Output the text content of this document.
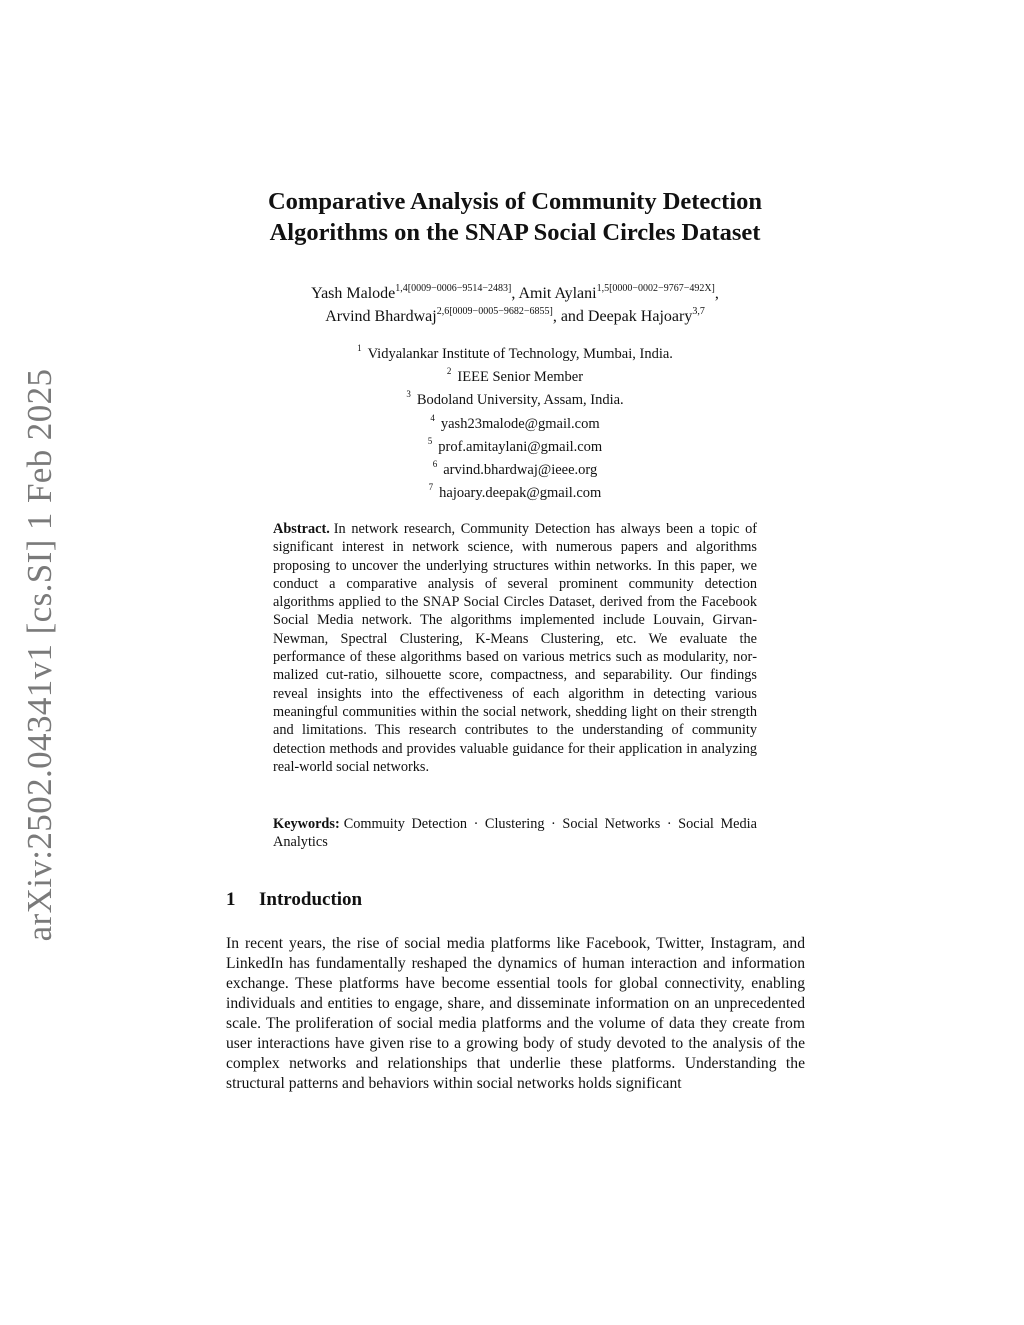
arXiv:2502.04341v1 [cs.SI] 1 Feb 2025
Comparative Analysis of Community Detection
Algorithms on the SNAP Social Circles Dataset
Yash Malode$^{1,4[0009-0006-9514-2483]}$, Amit Aylani$^{1,5[0000-0002-9767-492X]}$,
Arvind Bhardwaj$^{2,6[0009-0005-9682-6855]}$, and Deepak Hajoary$^{3,7}$
$^1$ Vidyalankar Institute of Technology, Mumbai, India.
$^2$ IEEE Senior Member
$^3$ Bodoland University, Assam, India.
$^4$ yash23malode@gmail.com
$^5$ prof.amitaylani@gmail.com
$^6$ arvind.bhardwaj@ieee.org
$^7$ hajoary.deepak@gmail.com
Abstract. In network research, Community Detection has always been a topic of significant interest in network science, with numerous papers and algorithms proposing to uncover the underlying structures within networks. In this paper, we conduct a comparative analysis of several prominent community detection algorithms applied to the SNAP Social Circles Dataset, derived from the Facebook Social Media network. The algorithms implemented include Louvain, Girvan-Newman, Spectral Clustering, K-Means Clustering, etc. We evaluate the performance of these algorithms based on various metrics such as modularity, normalized cut-ratio, silhouette score, compactness, and separability. Our findings reveal insights into the effectiveness of each algorithm in detecting various meaningful communities within the social network, shedding light on their strength and limitations. This research contributes to the understanding of community detection methods and provides valuable guidance for their application in analyzing real-world social networks.
Keywords: Commuity Detection · Clustering · Social Networks · Social Media Analytics
1 Introduction
In recent years, the rise of social media platforms like Facebook, Twitter, Instagram, and LinkedIn has fundamentally reshaped the dynamics of human interaction and information exchange. These platforms have become essential tools for global connectivity, enabling individuals and entities to engage, share, and disseminate information on an unprecedented scale. The proliferation of social media platforms and the volume of data they create from user interactions have given rise to a growing body of study devoted to the analysis of the complex networks and relationships that underlie these platforms. Understanding the structural patterns and behaviors within social networks holds significant
